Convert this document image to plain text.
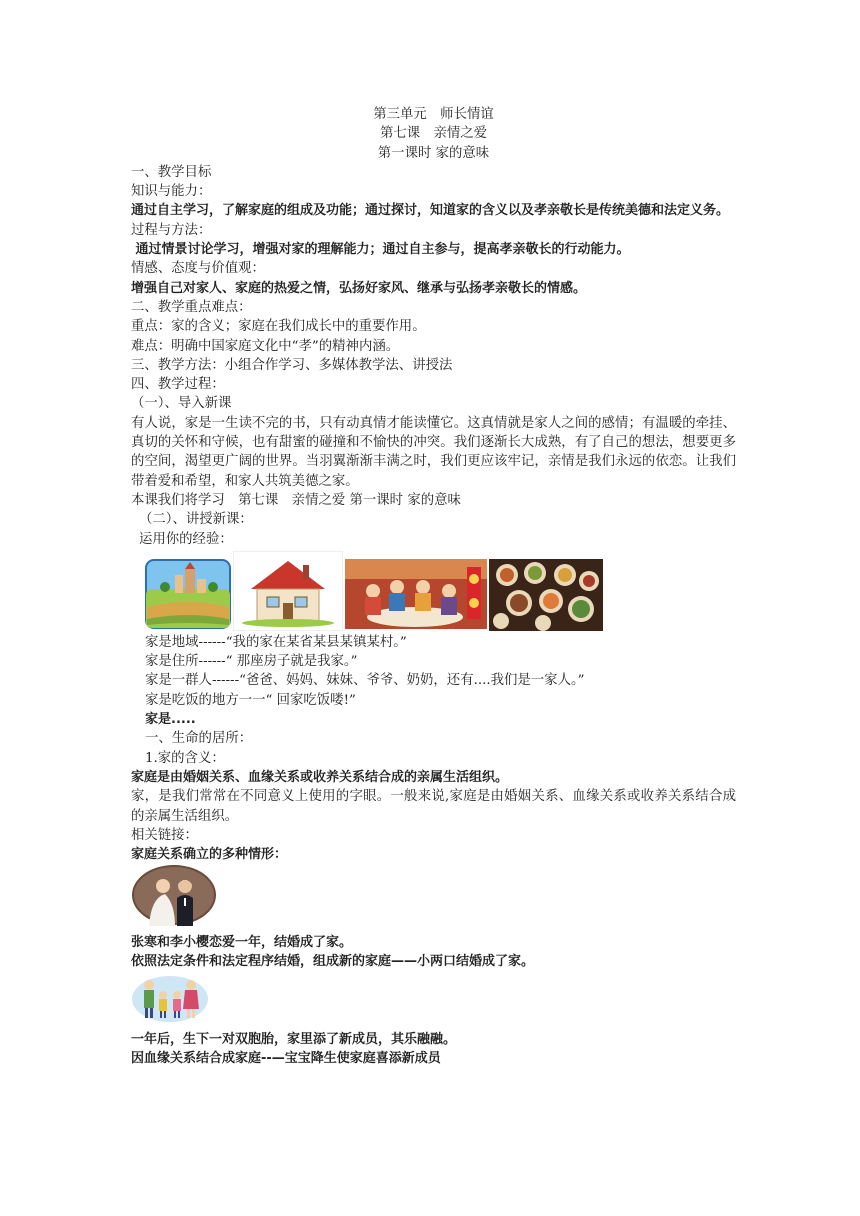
第三单元　师长情谊

第七课　亲情之爱

第一课时 家的意味

一、教学目标

知识与能力：

通过自主学习，了解家庭的组成及功能；通过探讨，知道家的含义以及孝亲敬长是传统美德和法定义务。

过程与方法：

通过情景讨论学习，增强对家的理解能力；通过自主参与，提高孝亲敬长的行动能力。

情感、态度与价值观：

增强自己对家人、家庭的热爱之情，弘扬好家风、继承与弘扬孝亲敬长的情感。

二、教学重点难点：

重点：家的含义；家庭在我们成长中的重要作用。

难点：明确中国家庭文化中“孝”的精神内涵。

三、教学方法：小组合作学习、多媒体教学法、讲授法

四、教学过程：

（一）、导入新课

有人说，家是一生读不完的书，只有动真情才能读懂它。这真情就是家人之间的感情；有温暖的牵挂、真切的关怀和守候，也有甜蜜的碰撞和不愉快的冲突。我们逐渐长大成熟，有了自己的想法，想要更多的空间，渴望更广阔的世界。当羽翼渐渐丰满之时，我们更应该牢记，亲情是我们永远的依恋。让我们带着爱和希望，和家人共筑美德之家。

本课我们将学习　第七课　亲情之爱 第一课时 家的意味

（二）、讲授新课：

运用你的经验：

家是地域------“我的家在某省某县某镇某村。”

家是住所------“ 那座房子就是我家。”

家是一群人------“爸爸、妈妈、妹妹、爷爷、奶奶，还有....我们是一家人。”

家是吃饭的地方一一“ 回家吃饭喽!”

家是.....

一、生命的居所：

1.家的含义：

家庭是由婚姻关系、血缘关系或收养关系结合成的亲属生活组织。

家，是我们常常在不同意义上使用的字眼。一般来说,家庭是由婚姻关系、血缘关系或收养关系结合成的亲属生活组织。

相关链接：

家庭关系确立的多种情形：

张寒和李小樱恋爱一年，结婚成了家。

依照法定条件和法定程序结婚，组成新的家庭——小两口结婚成了家。

一年后，生下一对双胞胎，家里添了新成员，其乐融融。

因血缘关系结合成家庭--—宝宝降生使家庭喜添新成员
